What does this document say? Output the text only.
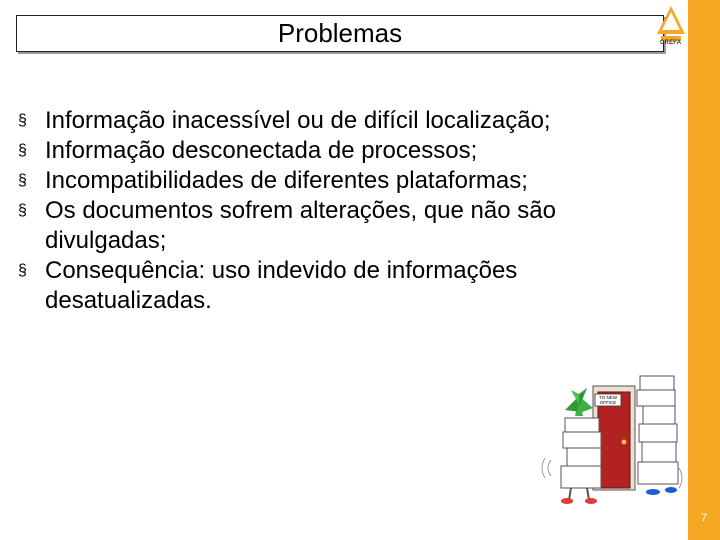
Problemas	CREFA
7
§ Informação inacessível ou de difícil localização;
§ Informação desconectada de processos;
§ Incompatibilidades de diferentes plataformas;
§ Os documentos sofrem alterações, que não são divulgadas;
§ Consequência: uso indevido de informações desatualizadas.
TO NEW
OFFICE
